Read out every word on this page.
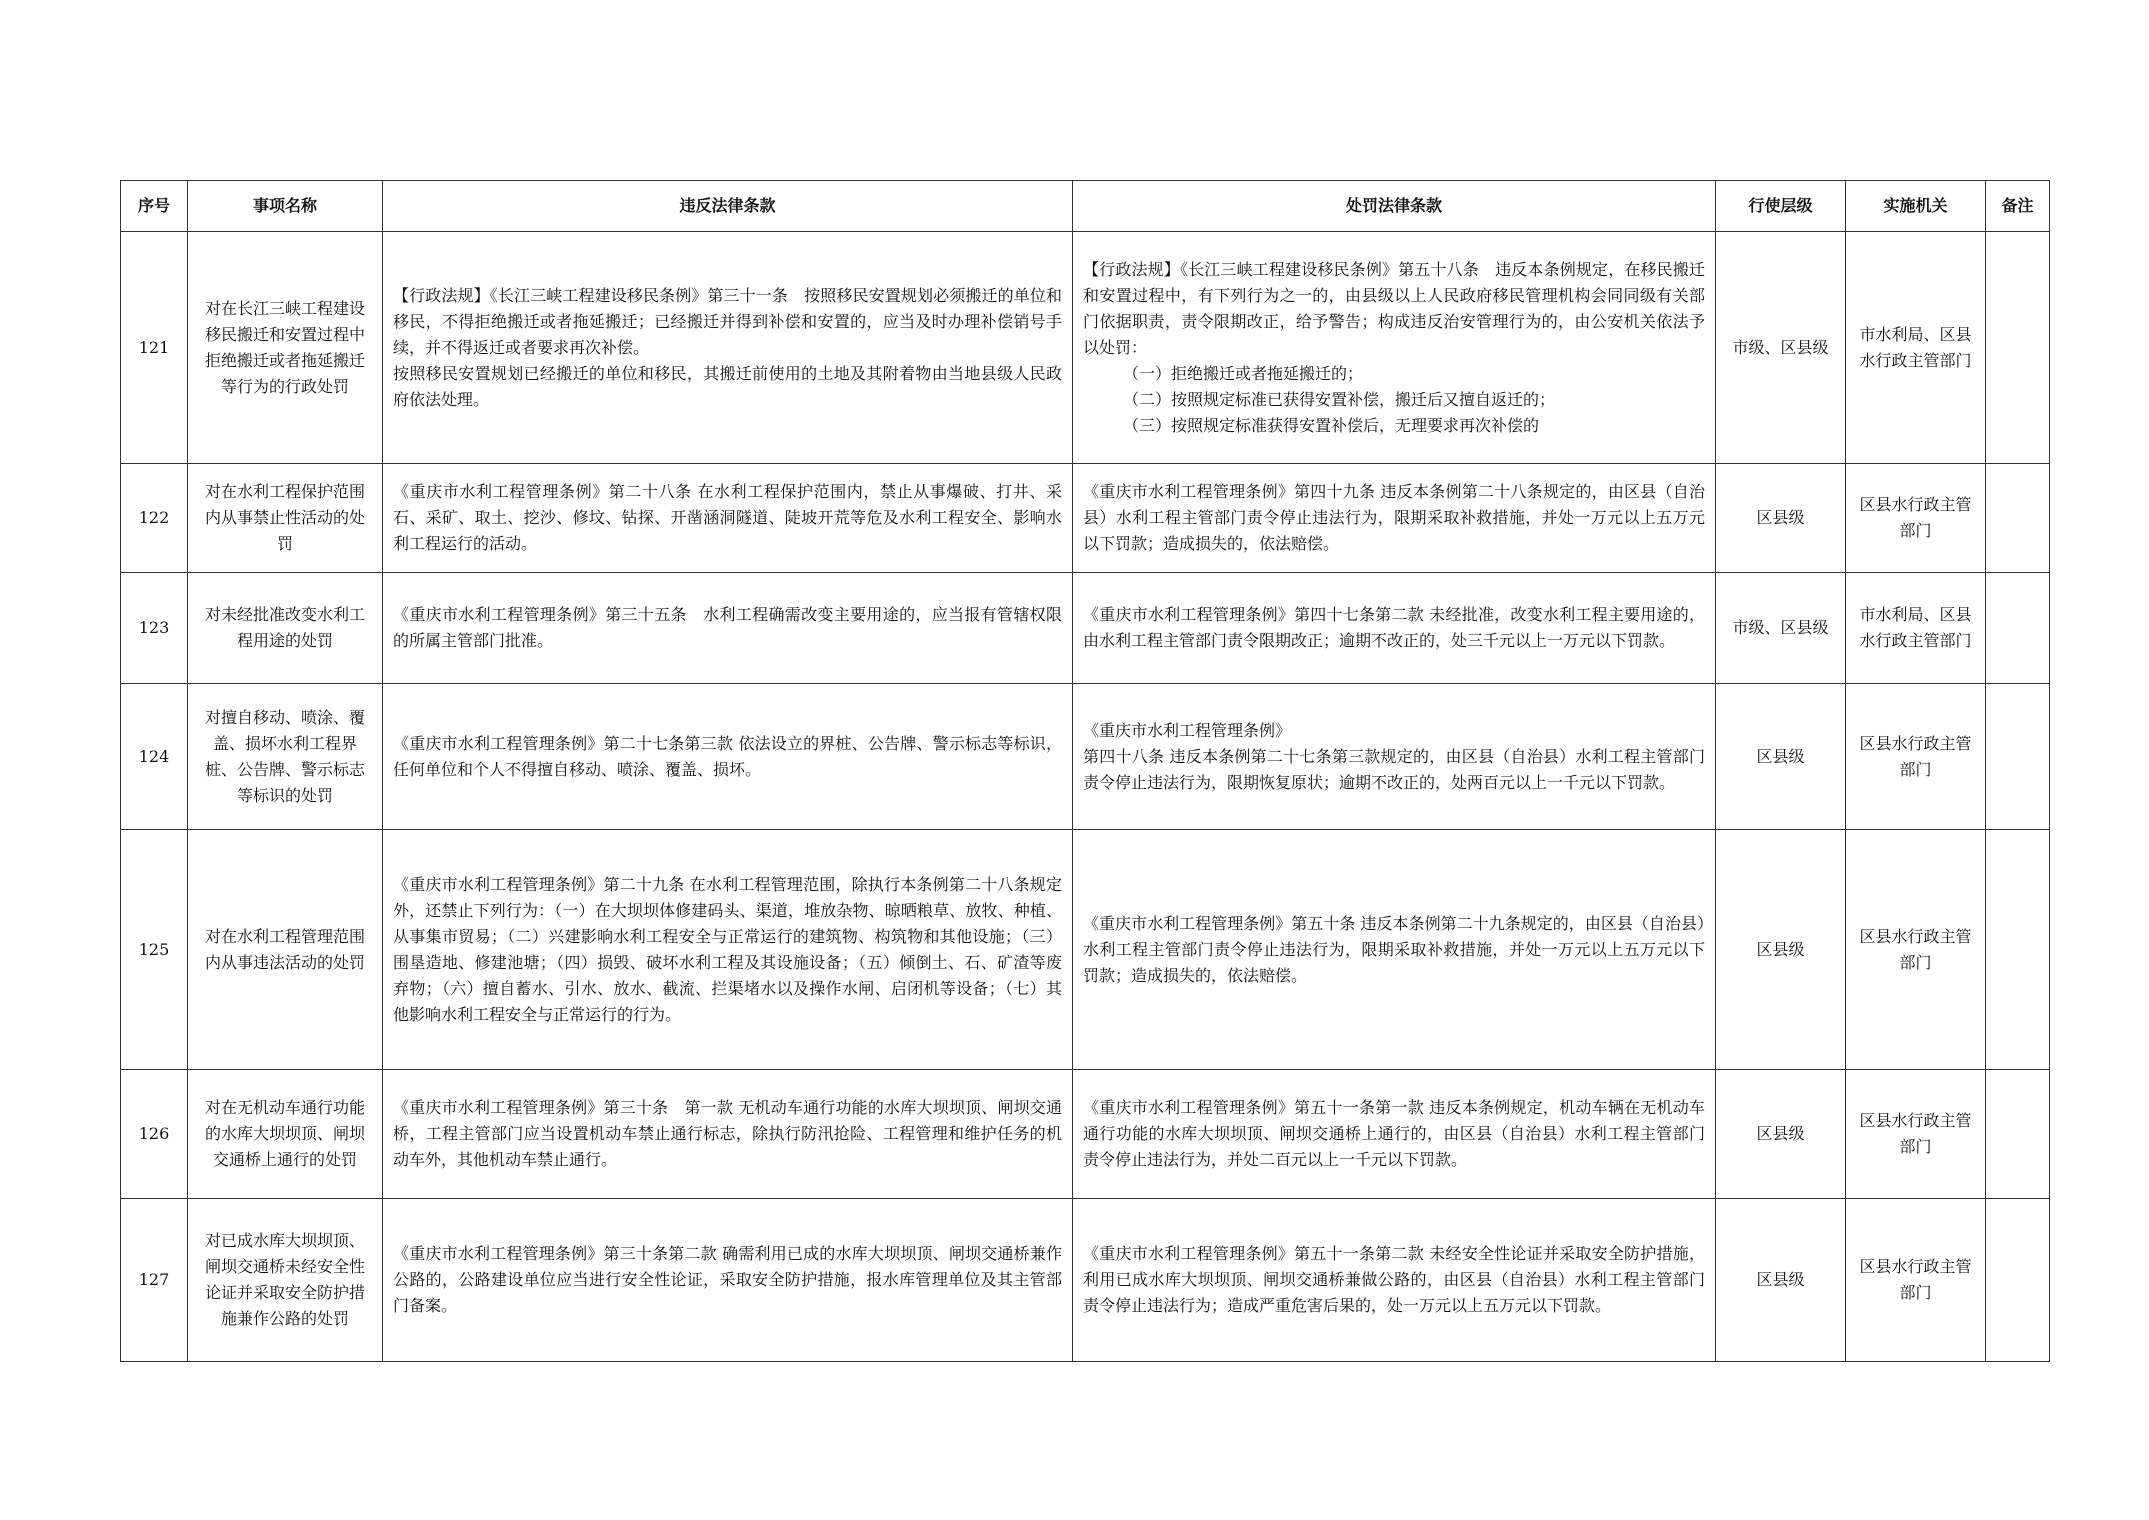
序号	事项名称	违反法律条款	处罚法律条款	行使层级	实施机关	备注
121	对在长江三峡工程建设移民搬迁和安置过程中拒绝搬迁或者拖延搬迁等行为的行政处罚	【行政法规】《长江三峡工程建设移民条例》第三十一条　按照移民安置规划必须搬迁的单位和移民，不得拒绝搬迁或者拖延搬迁；已经搬迁并得到补偿和安置的，应当及时办理补偿销号手续，并不得返迁或者要求再次补偿。
按照移民安置规划已经搬迁的单位和移民，其搬迁前使用的土地及其附着物由当地县级人民政府依法处理。	【行政法规】《长江三峡工程建设移民条例》第五十八条　违反本条例规定，在移民搬迁和安置过程中，有下列行为之一的，由县级以上人民政府移民管理机构会同同级有关部门依据职责，责令限期改正，给予警告；构成违反治安管理行为的，由公安机关依法予以处罚：
（一）拒绝搬迁或者拖延搬迁的；
（二）按照规定标准已获得安置补偿，搬迁后又擅自返迁的；
（三）按照规定标准获得安置补偿后，无理要求再次补偿的	市级、区县级	市水利局、区县水行政主管部门	
122	对在水利工程保护范围内从事禁止性活动的处罚	《重庆市水利工程管理条例》第二十八条 在水利工程保护范围内，禁止从事爆破、打井、采石、采矿、取土、挖沙、修坟、钻探、开凿涵洞隧道、陡坡开荒等危及水利工程安全、影响水利工程运行的活动。	《重庆市水利工程管理条例》第四十九条 违反本条例第二十八条规定的，由区县（自治县）水利工程主管部门责令停止违法行为，限期采取补救措施，并处一万元以上五万元以下罚款；造成损失的，依法赔偿。	区县级	区县水行政主管部门	
123	对未经批准改变水利工程用途的处罚	《重庆市水利工程管理条例》第三十五条　水利工程确需改变主要用途的，应当报有管辖权限的所属主管部门批准。	《重庆市水利工程管理条例》第四十七条第二款 未经批准，改变水利工程主要用途的，由水利工程主管部门责令限期改正；逾期不改正的，处三千元以上一万元以下罚款。	市级、区县级	市水利局、区县水行政主管部门	
124	对擅自移动、喷涂、覆盖、损坏水利工程界桩、公告牌、警示标志等标识的处罚	《重庆市水利工程管理条例》第二十七条第三款 依法设立的界桩、公告牌、警示标志等标识，任何单位和个人不得擅自移动、喷涂、覆盖、损坏。	《重庆市水利工程管理条例》
第四十八条 违反本条例第二十七条第三款规定的，由区县（自治县）水利工程主管部门责令停止违法行为，限期恢复原状；逾期不改正的，处两百元以上一千元以下罚款。	区县级	区县水行政主管部门	
125	对在水利工程管理范围内从事违法活动的处罚	《重庆市水利工程管理条例》第二十九条 在水利工程管理范围，除执行本条例第二十八条规定外，还禁止下列行为：（一）在大坝坝体修建码头、渠道，堆放杂物、晾晒粮草、放牧、种植、从事集市贸易；（二）兴建影响水利工程安全与正常运行的建筑物、构筑物和其他设施；（三）围垦造地、修建池塘；（四）损毁、破坏水利工程及其设施设备；（五）倾倒土、石、矿渣等废弃物；（六）擅自蓄水、引水、放水、截流、拦渠堵水以及操作水闸、启闭机等设备；（七）其他影响水利工程安全与正常运行的行为。	《重庆市水利工程管理条例》第五十条 违反本条例第二十九条规定的，由区县（自治县）水利工程主管部门责令停止违法行为，限期采取补救措施，并处一万元以上五万元以下罚款；造成损失的，依法赔偿。	区县级	区县水行政主管部门	
126	对在无机动车通行功能的水库大坝坝顶、闸坝交通桥上通行的处罚	《重庆市水利工程管理条例》第三十条　第一款 无机动车通行功能的水库大坝坝顶、闸坝交通桥，工程主管部门应当设置机动车禁止通行标志，除执行防汛抢险、工程管理和维护任务的机动车外，其他机动车禁止通行。	《重庆市水利工程管理条例》第五十一条第一款 违反本条例规定，机动车辆在无机动车通行功能的水库大坝坝顶、闸坝交通桥上通行的，由区县（自治县）水利工程主管部门责令停止违法行为，并处二百元以上一千元以下罚款。	区县级	区县水行政主管部门	
127	对已成水库大坝坝顶、闸坝交通桥未经安全性论证并采取安全防护措施兼作公路的处罚	《重庆市水利工程管理条例》第三十条第二款 确需利用已成的水库大坝坝顶、闸坝交通桥兼作公路的，公路建设单位应当进行安全性论证，采取安全防护措施，报水库管理单位及其主管部门备案。	《重庆市水利工程管理条例》第五十一条第二款 未经安全性论证并采取安全防护措施，利用已成水库大坝坝顶、闸坝交通桥兼做公路的，由区县（自治县）水利工程主管部门责令停止违法行为；造成严重危害后果的，处一万元以上五万元以下罚款。	区县级	区县水行政主管部门	
